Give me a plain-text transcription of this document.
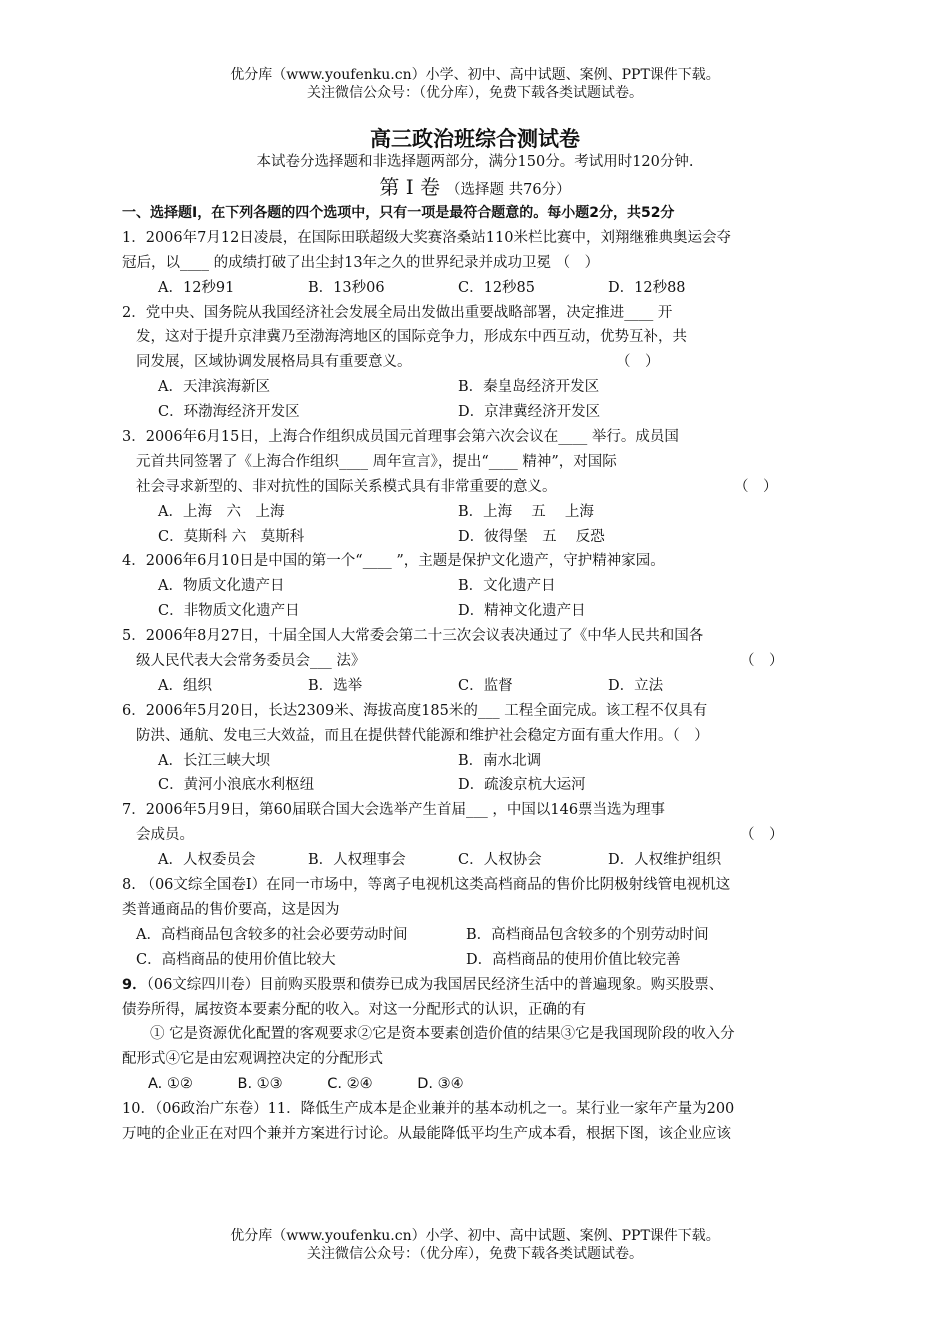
优分库（www.youfenku.cn）小学、初中、高中试题、案例、PPT课件下载。
关注微信公众号：（优分库），免费下载各类试题试卷。
高三政治班综合测试卷
本试卷分选择题和非选择题两部分，满分150分。考试用时120分钟.
第 I 卷 （选择题 共76分）
一、选择题Ⅰ，在下列各题的四个选项中，只有一项是最符合题意的。每小题2分，共52分
1．2006年7月12日凌晨，在国际田联超级大奖赛洛桑站110米栏比赛中，刘翔继雅典奥运会夺
冠后，以____ 的成绩打破了出尘封13年之久的世界纪录并成功卫冕 （　）
A．12秒91	B．13秒06	C．12秒85	D．12秒88
2．党中央、国务院从我国经济社会发展全局出发做出重要战略部署，决定推进____ 开
发，这对于提升京津冀乃至渤海湾地区的国际竞争力，形成东中西互动，优势互补，共
同发展，区域协调发展格局具有重要意义。	（　）
A．天津滨海新区	B．秦皇岛经济开发区
C．环渤海经济开发区	D．京津冀经济开发区
3．2006年6月15日，上海合作组织成员国元首理事会第六次会议在____ 举行。成员国
元首共同签署了《上海合作组织____ 周年宣言》，提出“____ 精神”，对国际
社会寻求新型的、非对抗性的国际关系模式具有非常重要的意义。	（　）
A．上海　六　上海	B．上海　 五　 上海
C．莫斯科 六　莫斯科	D．彼得堡　五　 反恐
4．2006年6月10日是中国的第一个“____ ”，主题是保护文化遗产，守护精神家园。
A．物质文化遗产日	B．文化遗产日
C．非物质文化遗产日	D．精神文化遗产日
5．2006年8月27日，十届全国人大常委会第二十三次会议表决通过了《中华人民共和国各
级人民代表大会常务委员会___ 法》	（　）
A．组织	B．选举	C．监督	D．立法
6．2006年5月20日，长达2309米、海拔高度185米的___ 工程全面完成。该工程不仅具有
防洪、通航、发电三大效益，而且在提供替代能源和维护社会稳定方面有重大作用。（　）
A．长江三峡大坝	B．南水北调
C．黄河小浪底水利枢纽	D．疏浚京杭大运河
7．2006年5月9日，第60届联合国大会选举产生首届___ ，中国以146票当选为理事
会成员。	（　）
A．人权委员会	B．人权理事会	C．人权协会	D．人权维护组织
8. （06文综全国卷I）在同一市场中，等离子电视机这类高档商品的售价比阴极射线管电视机这
类普通商品的售价要高，这是因为
A．高档商品包含较多的社会必要劳动时间	B．高档商品包含较多的个别劳动时间
C．高档商品的使用价值比较大	D．高档商品的使用价值比较完善
9．（06文综四川卷）目前购买股票和债券已成为我国居民经济生活中的普遍现象。购买股票、
债券所得，属按资本要素分配的收入。对这一分配形式的认识，正确的有
① 它是资源优化配置的客观要求②它是资本要素创造价值的结果③它是我国现阶段的收入分
配形式④它是由宏观调控决定的分配形式
A. ①②	B. ①③	C. ②④	D. ③④
10．（06政治广东卷）11．降低生产成本是企业兼并的基本动机之一。某行业一家年产量为200
万吨的企业正在对四个兼并方案进行讨论。从最能降低平均生产成本看，根据下图，该企业应该
优分库（www.youfenku.cn）小学、初中、高中试题、案例、PPT课件下载。
关注微信公众号：（优分库），免费下载各类试题试卷。
